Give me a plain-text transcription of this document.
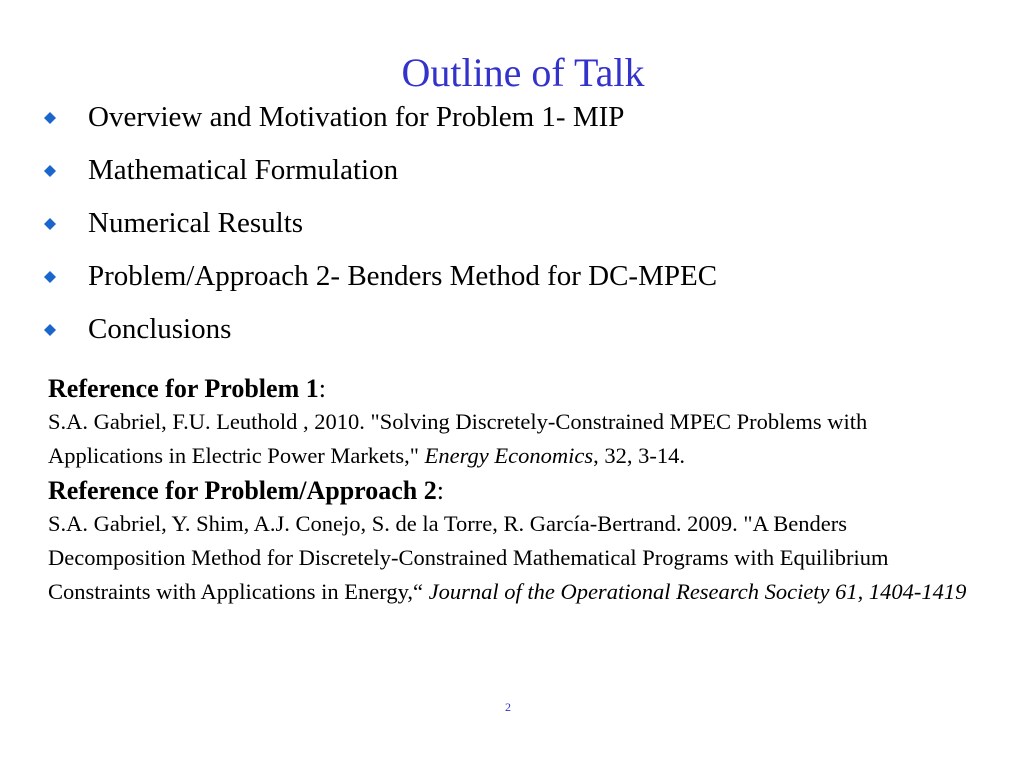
Outline of Talk
Overview and Motivation for Problem 1- MIP
Mathematical Formulation
Numerical Results
Problem/Approach 2- Benders Method for DC-MPEC
Conclusions
Reference for Problem 1:
S.A. Gabriel, F.U. Leuthold , 2010. "Solving Discretely-Constrained MPEC Problems with Applications in Electric Power Markets," Energy Economics, 32, 3-14.
Reference for Problem/Approach 2:
S.A. Gabriel, Y. Shim, A.J. Conejo, S. de la Torre, R. García-Bertrand. 2009. "A Benders Decomposition Method for Discretely-Constrained Mathematical Programs with Equilibrium Constraints with Applications in Energy,“ Journal of the Operational Research Society 61, 1404-1419
2
